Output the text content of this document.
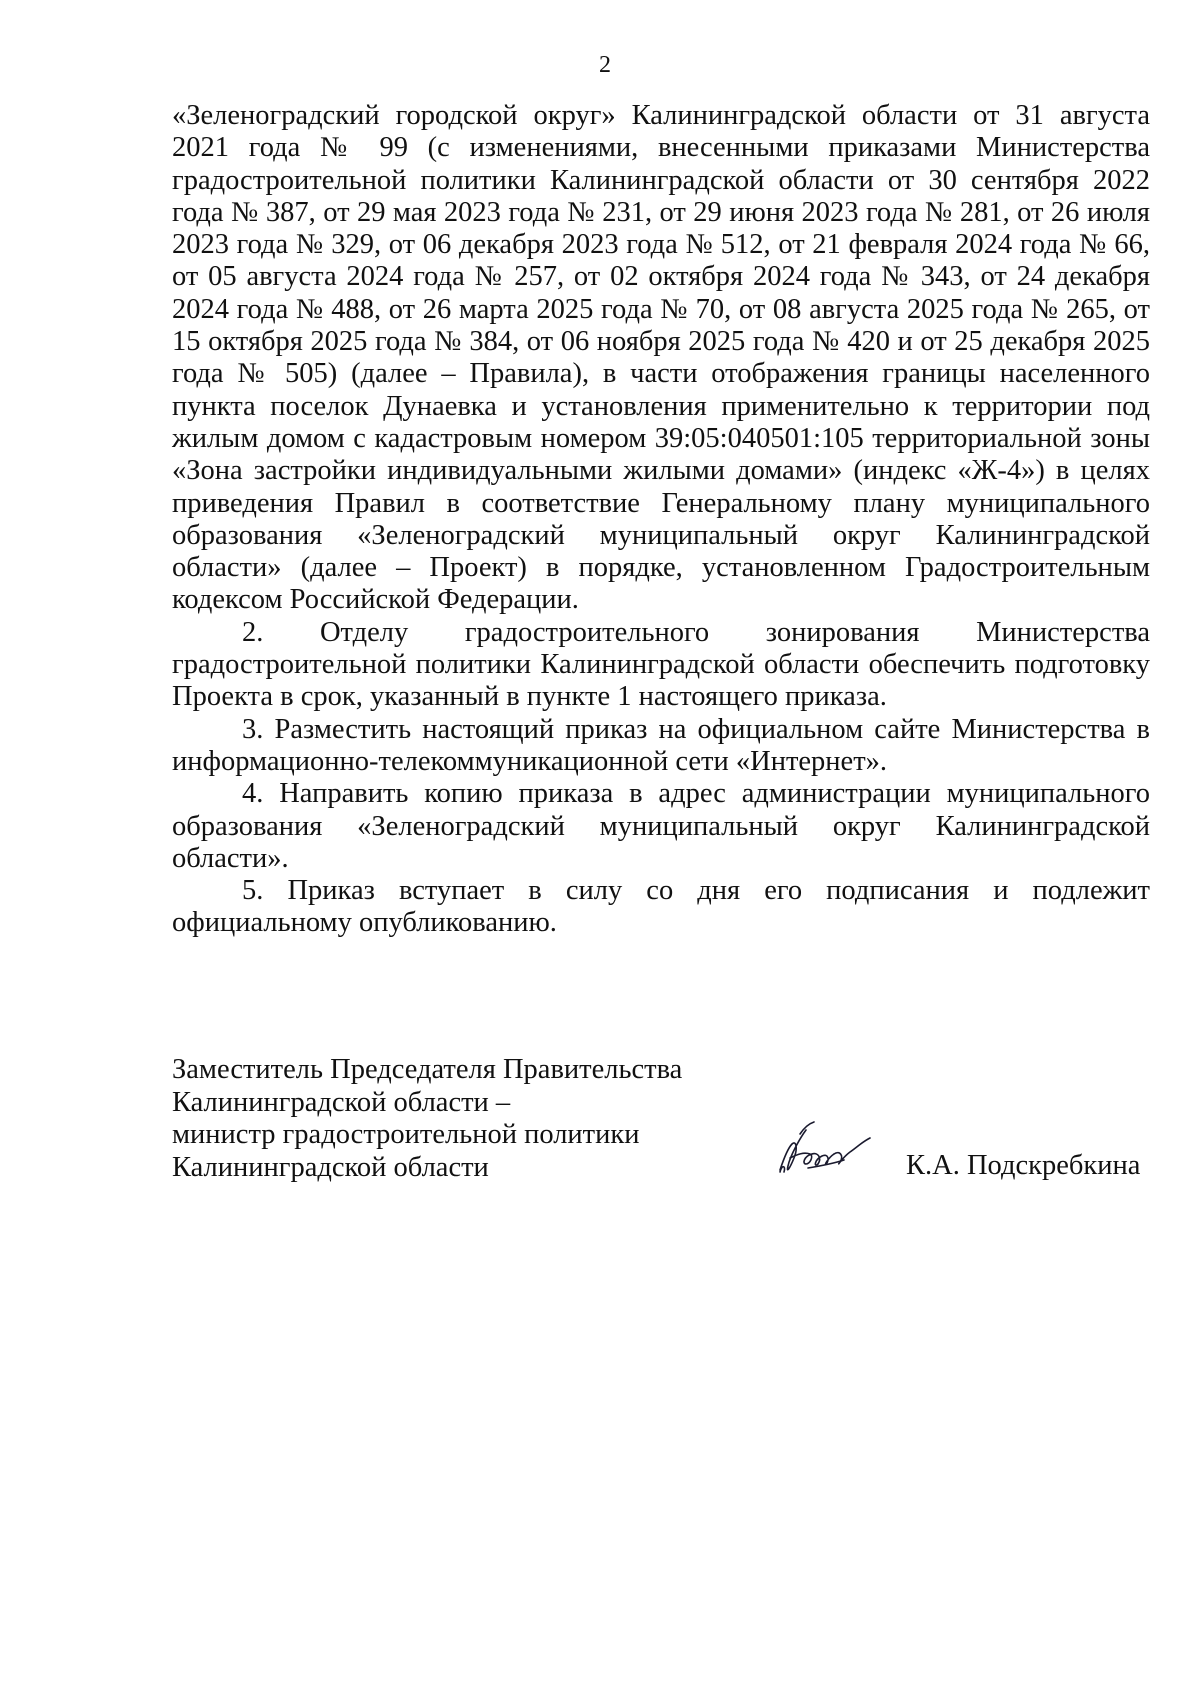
2

«Зеленоградский городской округ» Калининградской области от 31 августа 2021 года № 99 (с изменениями, внесенными приказами Министерства градостроительной политики Калининградской области от 30 сентября 2022 года № 387, от 29 мая 2023 года № 231, от 29 июня 2023 года № 281, от 26 июля 2023 года № 329, от 06 декабря 2023 года № 512, от 21 февраля 2024 года № 66, от 05 августа 2024 года № 257, от 02 октября 2024 года № 343, от 24 декабря 2024 года № 488, от 26 марта 2025 года № 70, от 08 августа 2025 года № 265, от 15 октября 2025 года № 384, от 06 ноября 2025 года № 420 и от 25 декабря 2025 года № 505) (далее – Правила), в части отображения границы населенного пункта поселок Дунаевка и установления применительно к территории под жилым домом с кадастровым номером 39:05:040501:105 территориальной зоны «Зона застройки индивидуальными жилыми домами» (индекс «Ж-4») в целях приведения Правил в соответствие Генеральному плану муниципального образования «Зеленоградский муниципальный округ Калининградской области» (далее – Проект) в порядке, установленном Градостроительным кодексом Российской Федерации.

2. Отделу градостроительного зонирования Министерства градостроительной политики Калининградской области обеспечить подготовку Проекта в срок, указанный в пункте 1 настоящего приказа.

3. Разместить настоящий приказ на официальном сайте Министерства в информационно-телекоммуникационной сети «Интернет».

4. Направить копию приказа в адрес администрации муниципального образования «Зеленоградский муниципальный округ Калининградской области».

5. Приказ вступает в силу со дня его подписания и подлежит официальному опубликованию.

Заместитель Председателя Правительства
Калининградской области –
министр градостроительной политики
Калининградской области	К.А. Подскребкина
